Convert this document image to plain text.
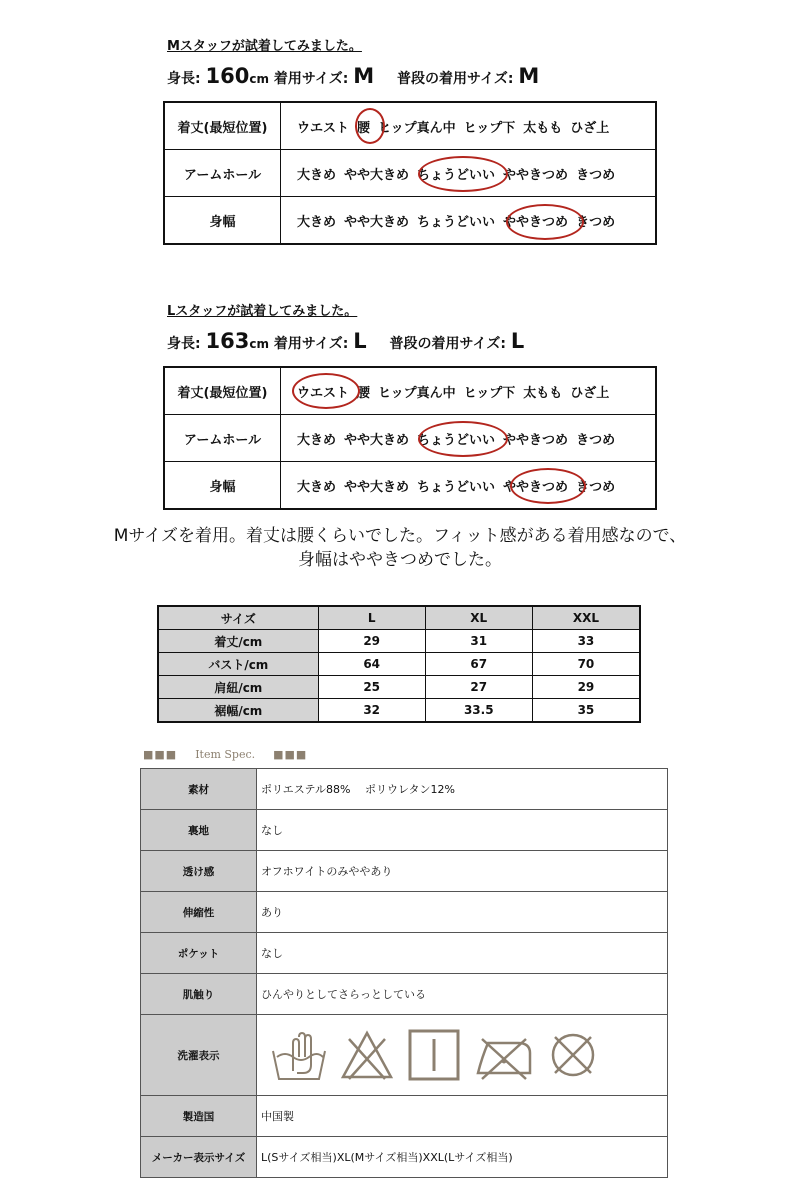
Mスタッフが試着してみました。
身長: 160cm 着用サイズ: M 普段の着用サイズ: M
着丈(最短位置)	ウエスト 腰 ヒップ真ん中 ヒップ下 太もも ひざ上
アームホール	大きめ やや大きめ ちょうどいい ややきつめ きつめ
身幅	大きめ やや大きめ ちょうどいい ややきつめ きつめ
Lスタッフが試着してみました。
身長: 163cm 着用サイズ: L 普段の着用サイズ: L
着丈(最短位置)	ウエスト 腰 ヒップ真ん中 ヒップ下 太もも ひざ上
アームホール	大きめ やや大きめ ちょうどいい ややきつめ きつめ
身幅	大きめ やや大きめ ちょうどいい ややきつめ きつめ
Mサイズを着用。着丈は腰くらいでした。フィット感がある着用感なので、
身幅はややきつめでした。
サイズ	L	XL	XXL
着丈/cm	29	31	33
バスト/cm	64	67	70
肩紐/cm	25	27	29
裾幅/cm	32	33.5	35
■■■ Item Spec. ■■■
素材	ポリエステル88%　 ポリウレタン12%
裏地	なし
透け感	オフホワイトのみややあり
伸縮性	あり
ポケット	なし
肌触り	ひんやりとしてさらっとしている
洗濯表示	
製造国	中国製
メーカー表示サイズ	L(Sサイズ相当)XL(Mサイズ相当)XXL(Lサイズ相当)
